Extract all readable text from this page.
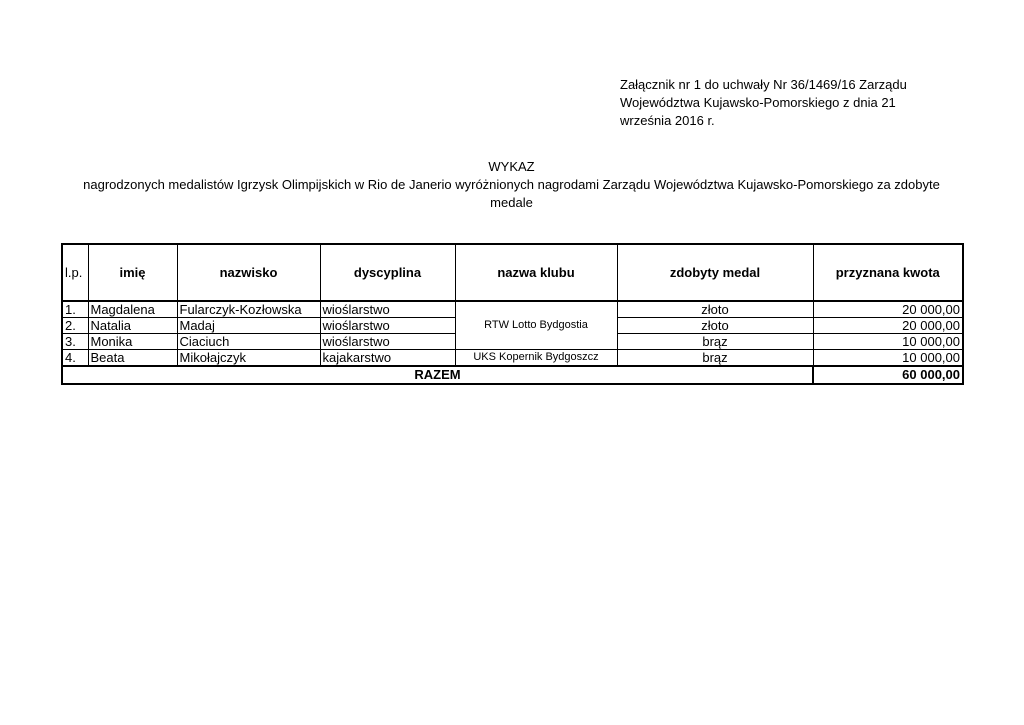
Załącznik nr 1 do uchwały Nr 36/1469/16 Zarządu
Województwa Kujawsko-Pomorskiego z dnia 21
września 2016 r.
WYKAZ
nagrodzonych medalistów Igrzysk Olimpijskich w Rio de Janerio wyróżnionych nagrodami Zarządu Województwa Kujawsko-Pomorskiego za zdobyte
medale
l.p.	imię	nazwisko	dyscyplina	nazwa klubu	zdobyty medal	przyznana kwota
1.	Magdalena	Fularczyk-Kozłowska	wioślarstwo	RTW Lotto Bydgostia	złoto	20 000,00
2.	Natalia	Madaj	wioślarstwo		złoto	20 000,00
3.	Monika	Ciaciuch	wioślarstwo		brąz	10 000,00
4.	Beata	Mikołajczyk	kajakarstwo	UKS Kopernik Bydgoszcz	brąz	10 000,00
RAZEM						60 000,00
